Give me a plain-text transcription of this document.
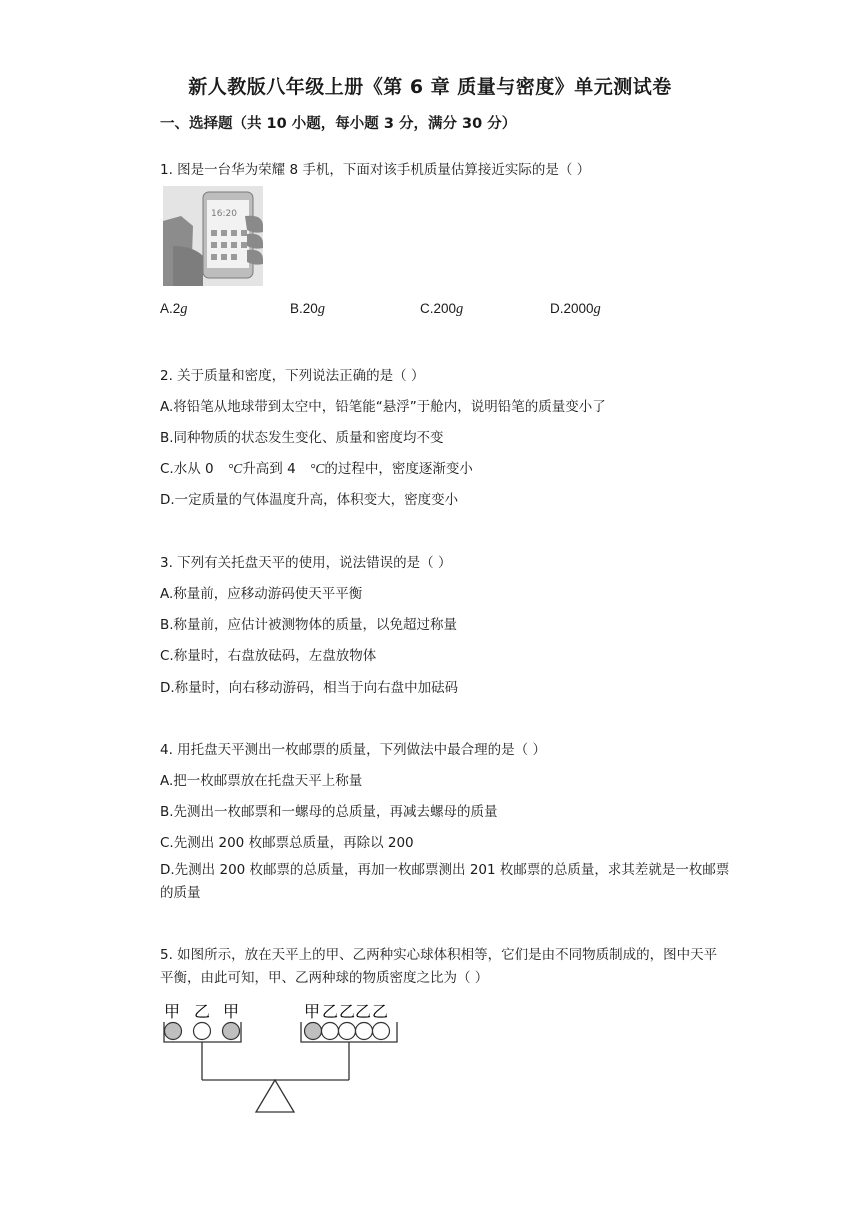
新人教版八年级上册《第 6 章 质量与密度》单元测试卷
一、选择题（共 10 小题，每小题 3 分，满分 30 分）
1. 图是一台华为荣耀 8 手机，下面对该手机质量估算接近实际的是（ ）
16:20
A.2g	B.20g	C.200g	D.2000g
2. 关于质量和密度，下列说法正确的是（ ）
A.将铅笔从地球带到太空中，铅笔能“悬浮”于舱内，说明铅笔的质量变小了
B.同种物质的状态发生变化、质量和密度均不变
C.水从 0 °C升高到 4 °C的过程中，密度逐渐变小
D.一定质量的气体温度升高，体积变大，密度变小
3. 下列有关托盘天平的使用，说法错误的是（ ）
A.称量前，应移动游码使天平平衡
B.称量前，应估计被测物体的质量，以免超过称量
C.称量时，右盘放砝码，左盘放物体
D.称量时，向右移动游码，相当于向右盘中加砝码
4. 用托盘天平测出一枚邮票的质量，下列做法中最合理的是（ ）
A.把一枚邮票放在托盘天平上称量
B.先测出一枚邮票和一螺母的总质量，再减去螺母的质量
C.先测出 200 枚邮票总质量，再除以 200
D.先测出 200 枚邮票的总质量，再加一枚邮票测出 201 枚邮票的总质量，求其差就是一枚邮票的质量
5. 如图所示，放在天平上的甲、乙两种实心球体积相等，它们是由不同物质制成的，图中天平平衡，由此可知，甲、乙两种球的物质密度之比为（ ）
甲 乙 甲	甲 乙 乙 乙 乙
